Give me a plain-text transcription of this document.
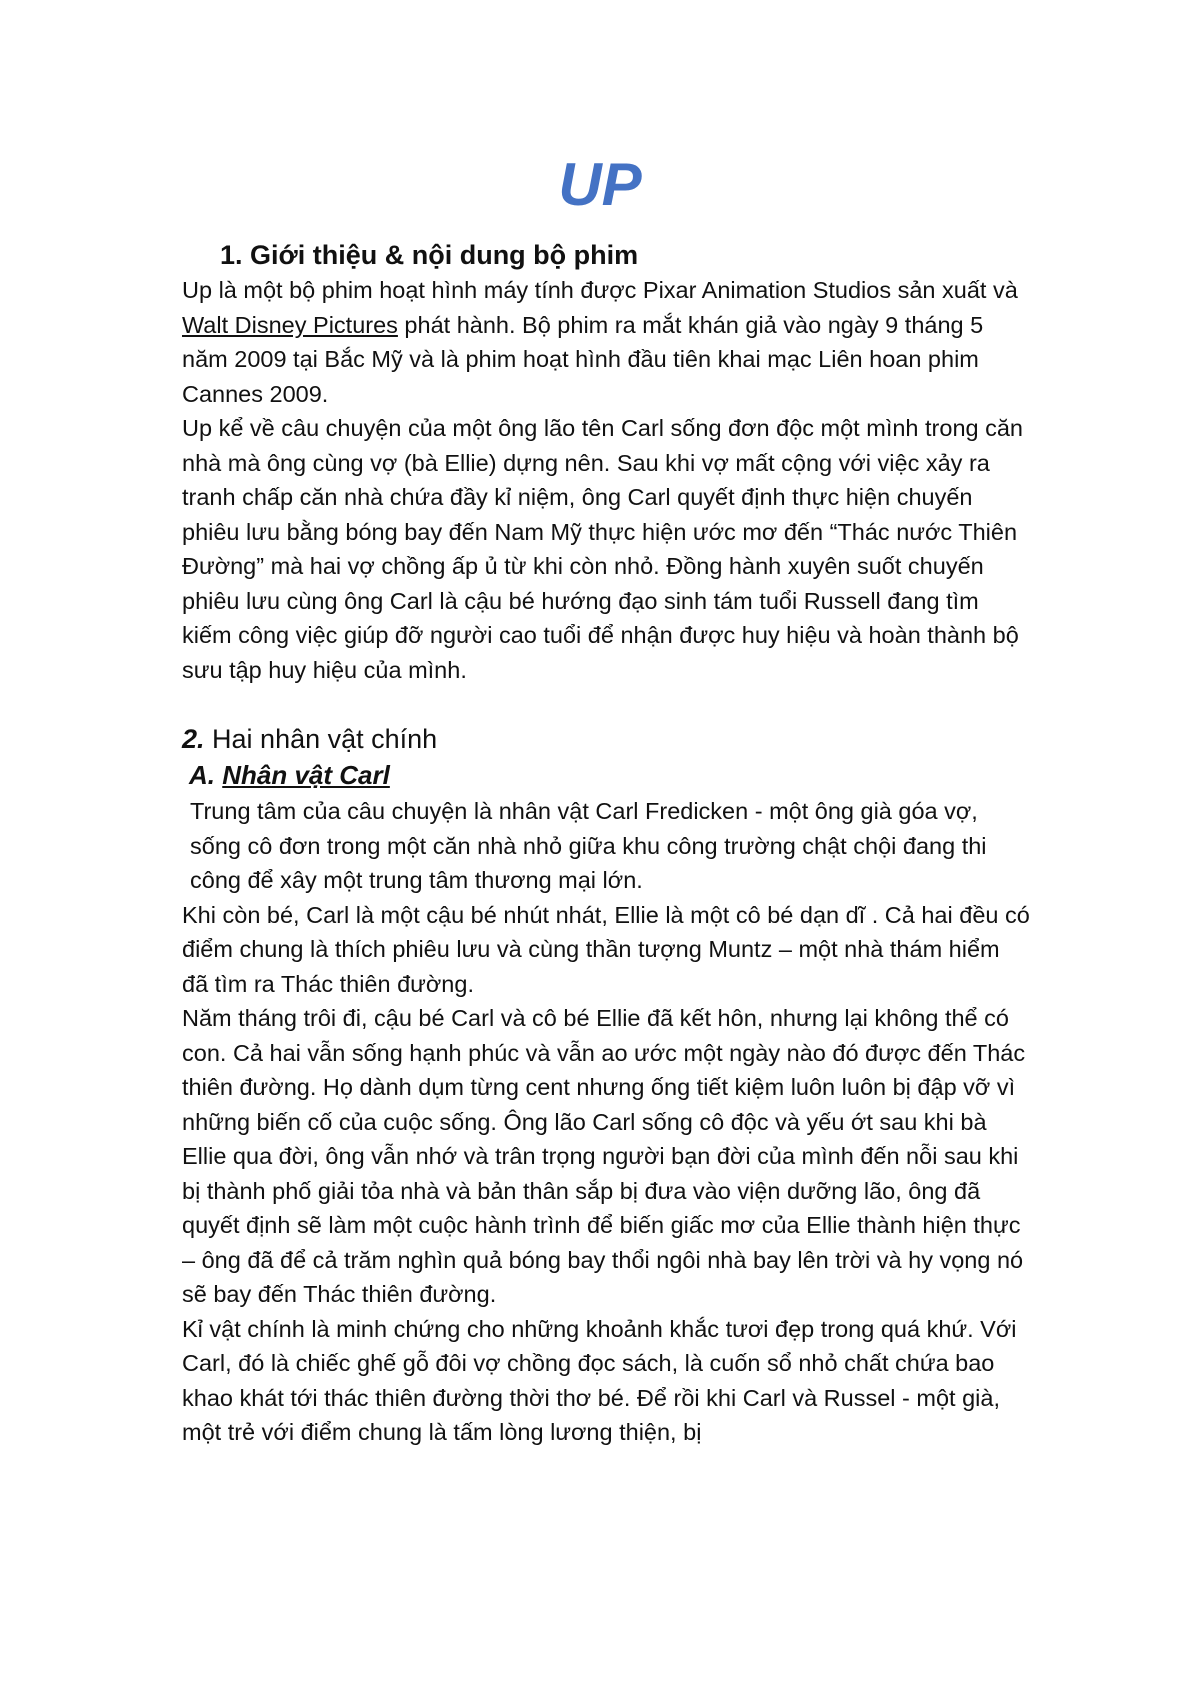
UP
1. Giới thiệu & nội dung bộ phim

Up là một bộ phim hoạt hình máy tính được Pixar Animation Studios sản xuất và Walt Disney Pictures phát hành. Bộ phim ra mắt khán giả vào ngày 9 tháng 5 năm 2009 tại Bắc Mỹ và là phim hoạt hình đầu tiên khai mạc Liên hoan phim Cannes 2009.

Up kể về câu chuyện của một ông lão tên Carl sống đơn độc một mình trong căn nhà mà ông cùng vợ (bà Ellie) dựng nên. Sau khi vợ mất cộng với việc xảy ra tranh chấp căn nhà chứa đầy kỉ niệm, ông Carl quyết định thực hiện chuyến phiêu lưu bằng bóng bay đến Nam Mỹ thực hiện ước mơ đến “Thác nước Thiên Đường” mà hai vợ chồng ấp ủ từ khi còn nhỏ. Đồng hành xuyên suốt chuyến phiêu lưu cùng ông Carl là cậu bé hướng đạo sinh tám tuổi Russell đang tìm kiếm công việc giúp đỡ người cao tuổi để nhận được huy hiệu và hoàn thành bộ sưu tập huy hiệu của mình.

2. Hai nhân vật chính
A. Nhân vật Carl

Trung tâm của câu chuyện là nhân vật Carl Fredicken - một ông già góa vợ, sống cô đơn trong một căn nhà nhỏ giữa khu công trường chật chội đang thi công để xây một trung tâm thương mại lớn.

Khi còn bé, Carl là một cậu bé nhút nhát, Ellie là một cô bé dạn dĩ . Cả hai đều có điểm chung là thích phiêu lưu và cùng thần tượng Muntz – một nhà thám hiểm đã tìm ra Thác thiên đường.

Năm tháng trôi đi, cậu bé Carl và cô bé Ellie đã kết hôn, nhưng lại không thể có con. Cả hai vẫn sống hạnh phúc và vẫn ao ước một ngày nào đó được đến Thác thiên đường. Họ dành dụm từng cent nhưng ống tiết kiệm luôn luôn bị đập vỡ vì những biến cố của cuộc sống. Ông lão Carl sống cô độc và yếu ớt sau khi bà Ellie qua đời, ông vẫn nhớ và trân trọng người bạn đời của mình đến nỗi sau khi bị thành phố giải tỏa nhà và bản thân sắp bị đưa vào viện dưỡng lão, ông đã quyết định sẽ làm một cuộc hành trình để biến giấc mơ của Ellie thành hiện thực – ông đã để cả trăm nghìn quả bóng bay thổi ngôi nhà bay lên trời và hy vọng nó sẽ bay đến Thác thiên đường.

Kỉ vật chính là minh chứng cho những khoảnh khắc tươi đẹp trong quá khứ. Với Carl, đó là chiếc ghế gỗ đôi vợ chồng đọc sách, là cuốn sổ nhỏ chất chứa bao khao khát tới thác thiên đường thời thơ bé. Để rồi khi Carl và Russel - một già, một trẻ với điểm chung là tấm lòng lương thiện, bị
